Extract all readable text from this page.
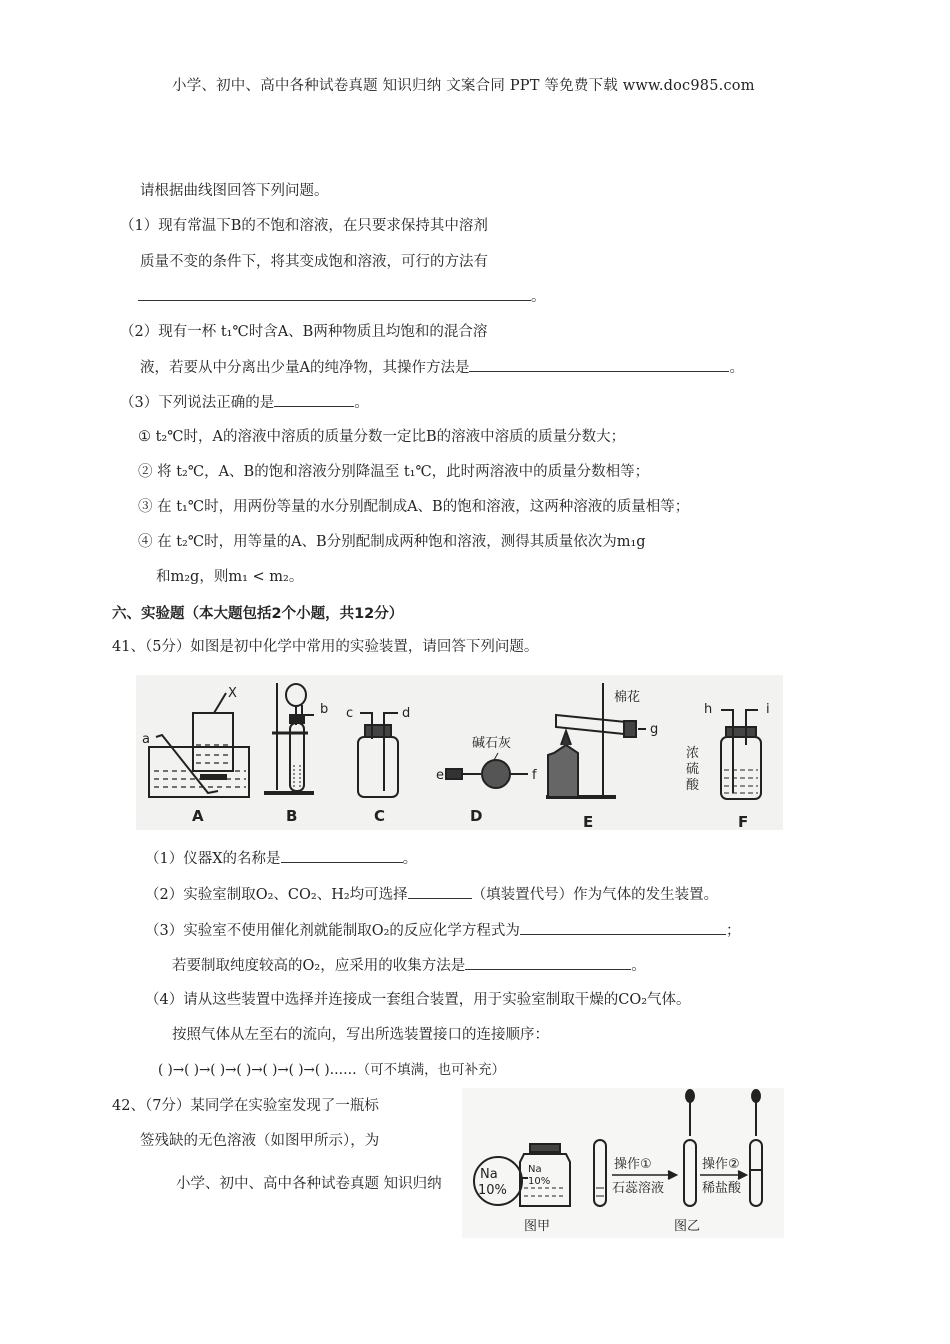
小学、初中、高中各种试卷真题 知识归纳 文案合同 PPT 等免费下载 www.doc985.com
请根据曲线图回答下列问题。
（1）现有常温下B的不饱和溶液，在只要求保持其中溶剂
质量不变的条件下，将其变成饱和溶液，可行的方法有
。
（2）现有一杯 t₁℃时含A、B两种物质且均饱和的混合溶
液，若要从中分离出少量A的纯净物，其操作方法是	。
（3）下列说法正确的是	。
① t₂℃时，A的溶液中溶质的质量分数一定比B的溶液中溶质的质量分数大；
② 将 t₂℃，A、B的饱和溶液分别降温至 t₁℃，此时两溶液中的质量分数相等；
③ 在 t₁℃时，用两份等量的水分别配制成A、B的饱和溶液，这两种溶液的质量相等；
④ 在 t₂℃时，用等量的A、B分别配制成两种饱和溶液，测得其质量依次为m₁g
和m₂g，则m₁ < m₂。
六、实验题（本大题包括2个小题，共12分）
41、（5分）如图是初中化学中常用的实验装置，请回答下列问题。
a
X
b c	d
e	f
g
h	i
碱石灰
棉花
浓
硫
酸
A	B	C	D	E	F
（1）仪器X的名称是	。
（2）实验室制取O₂、CO₂、H₂均可选择	（填装置代号）作为气体的发生装置。
（3）实验室不使用催化剂就能制取O₂的反应化学方程式为	；
若要制取纯度较高的O₂，应采用的收集方法是	。
（4）请从这些装置中选择并连接成一套组合装置，用于实验室制取干燥的CO₂气体。
按照气体从左至右的流向，写出所选装置接口的连接顺序：
( )→( )→( )→( )→( )→( )→( )……（可不填满，也可补充）
42、（7分）某同学在实验室发现了一瓶标
签残缺的无色溶液（如图甲所示），为
小学、初中、高中各种试卷真题 知识归纳
Na
10%
Na
10%
操作①
石蕊溶液
操作②
稀盐酸
图甲	图乙
